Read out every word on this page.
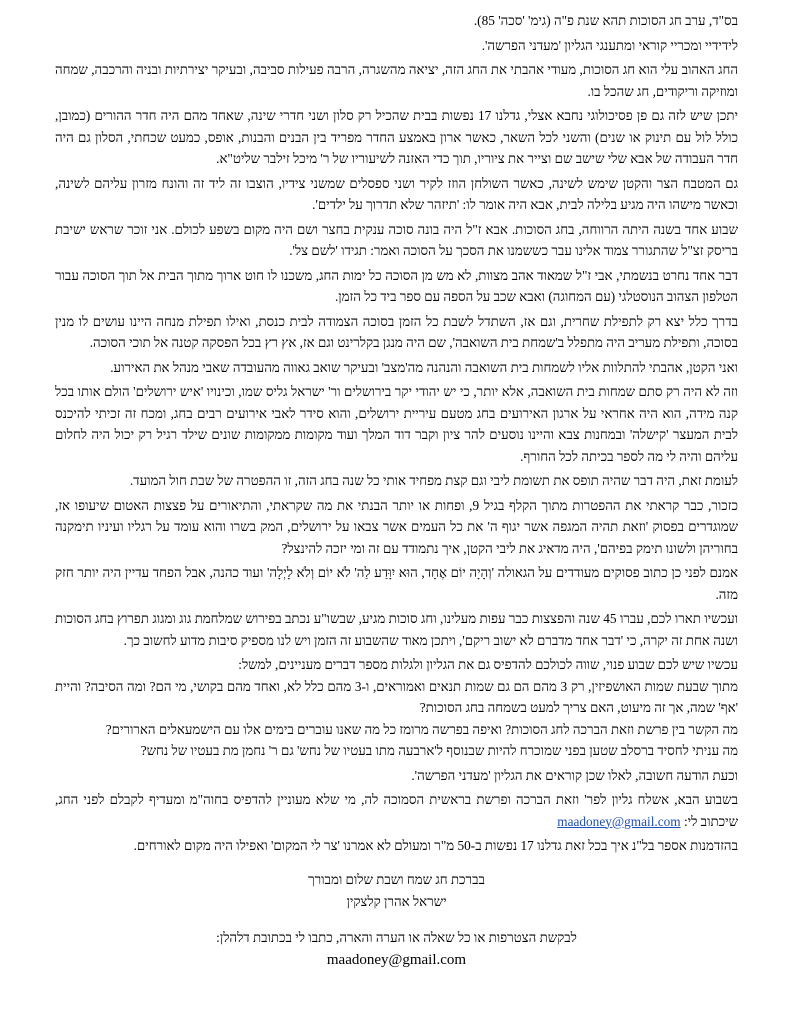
בס"ד, ערב חג הסוכות תהא שנת פ"ה (גימ' 'סכה' 85).

לידידיי ומכריי קוראי ומתענגי הגליון 'מעדני הפרשה'.

החג האהוב עלי הוא חג הסוכות, מעודי אהבתי את החג הזה, יציאה מהשגרה, הרבה פעילות סביבה, ובעיקר יצירתיות ובניה והרכבה, שמחה ומוזיקה וריקודים, חג שהכל בו.

יתכן שיש לזה גם פן פסיכולוגי נחבא אצלי, גדלנו 17 נפשות בבית שהכיל רק סלון ושני חדרי שינה, שאחד מהם היה חדר ההורים (כמובן, כולל לול עם תינוק או שנים) והשני לכל השאר, כאשר ארון באמצע החדר מפריד בין הבנים והבנות, אופס, כמעט שכחתי, הסלון גם היה חדר העבודה של אבא שלי שישב שם וצייר את ציוריו, תוך כדי האזנה לשיעוריו של ר' מיכל זילבר שליט"א.

גם המטבח הצר והקטן שימש לשינה, כאשר השולחן הוזז לקיר ושני ספסלים שמשני צידיו, הוצבו זה ליד זה והונח מזרון עליהם לשינה, וכאשר מישהו היה מגיע בלילה לבית, אבא היה אומר לו: 'תיזהר שלא תדרוך על ילדים'.

שבוע אחד בשנה היתה הרווחה, בחג הסוכות. אבא ז"ל היה בונה סוכה ענקית בחצר ושם היה מקום בשפע לכולם. אני זוכר שראש ישיבת בריסק זצ"ל שהתגורר צמוד אלינו עבר כששמנו את הסכך על הסוכה ואמר: תגידו 'לשם צל'.

דבר אחד נחרט בנשמתי, אבי ז"ל שמאוד אהב מצוות, לא מש מן הסוכה כל ימות החג, משכנו לו חוט ארוך מתוך הבית אל תוך הסוכה עבור הטלפון הצהוב הנוסטלגי (עם המחוגה) ואבא שכב על הספה עם ספר ביד כל הזמן.

בדרך כלל יצא רק לתפילת שחרית, וגם אז, השתדל לשבת כל הזמן בסוכה הצמודה לבית כנסת, ואילו תפילת מנחה היינו עושים לו מנין בסוכה, ותפילת מעריב היה מתפלל ב'שמחת בית השואבה', שם היה מנגן בקלרינט וגם אז, אץ רץ בכל הפסקה קטנה אל תוכי הסוכה.

ואני הקטן, אהבתי להתלוות אליו לשמחות בית השואבה והנהנה מה'מצב' ובעיקר שואב גאווה מהעובדה שאבי מנהל את האירוע.

וזה לא היה רק סתם שמחות בית השואבה, אלא יותר, כי יש יהודי יקר בירושלים ור' ישראל גליס שמו, וכינויו 'איש ירושלים' הולם אותו בכל קנה מידה, הוא היה אחראי על ארגון האירועים בחג מטעם עיריית ירושלים, והוא סידר לאבי אירועים רבים בחג, ומכח זה זכיתי להיכנס לבית המעצר 'קישלה' ובמחנות צבא והיינו נוסעים להר ציון וקבר דוד המלך ועוד מקומות ממקומות שונים שילד רגיל רק יכול היה לחלום עליהם והיה לי מה לספר בכיתה לכל החורף.

לעומת זאת, היה דבר שהיה תופס את תשומת ליבי וגם קצת מפחיד אותי כל שנה בחג הזה, זו ההפטרה של שבת חול המועד.

כזכור, כבר קראתי את ההפטרות מתוך הקלף בגיל 9, ופחות או יותר הבנתי את מה שקראתי, והתיאורים על פצצות האטום שיעופו אז, שמוגדרים בפסוק 'וזאת תהיה המגפה אשר יגוף ה' את כל העמים אשר צבאו על ירושלים, המק בשרו והוא עומד על רגליו ועיניו תימקנה בחוריהן ולשונו תימק בפיהם', היה מדאיג את ליבי הקטן, איך נתמודד עם זה ומי יזכה להינצל?

אמנם לפני כן כתוב פסוקים מעודדים על הגאולה 'וְהָיָה יוֹם אֶחָד, הוּא יִוָּדַע לַה' לֹא יוֹם וְלֹא לָיְלָה' ועוד כהנה, אבל הפחד עדיין היה יותר חזק מזה.

ועכשיו תארו לכם, עברו 45 שנה והפצצות כבר עפות מעלינו, וחג סוכות מגיע, שבשו"ע נכתב בפירוש שמלחמת גוג ומגוג תפרוץ בחג הסוכות ושנה אחת זה יקרה, כי 'דבר אחד מדברם לא ישוב ריקם', ויתכן מאוד שהשבוע זה הזמן ויש לנו מספיק סיבות מדוע לחשוב כך.

עכשיו שיש לכם שבוע פנוי, שווה לכולכם להדפיס גם את הגליון ולגלות מספר דברים מעניינים, למשל:
מתוך שבעת שמות האושפיזין, רק 3 מהם הם גם שמות תנאים ואמוראים, ו-3 מהם כלל לא, ואחד מהם בקושי, מי הם? ומה הסיבה? והיית 'אף' שמה, אך זה מיעוט, האם צריך למעט בשמחה בחג הסוכות?
מה הקשר בין פרשת וזאת הברכה לחג הסוכות? ואיפה בפרשה מרומז כל מה שאנו עוברים בימים אלו עם הישמעאלים הארורים?
מה עניתי לחסיד ברסלב שטען בפני שמוכרח להיות שבנוסף ל'ארבעה מתו בעטיו של נחש' גם ר' נחמן מת בעטיו של נחש?

וכעת הודעה חשובה, לאלו שכן קוראים את הגליון 'מעדני הפרשה'.

בשבוע הבא, אשלח גליון לפר' וזאת הברכה ופרשת בראשית הסמוכה לה, מי שלא מעוניין להדפיס בחוה"מ ומעדיף לקבלם לפני החג, שיכתוב לי: maadoney@gmail.com

בהזדמנות אספר בל"נ איך בכל זאת גדלנו 17 נפשות ב-50 מ"ר ומעולם לא אמרנו 'צר לי המקום' ואפילו היה מקום לאורחים.

בברכת חג שמח ושבת שלום ומבורך
ישראל אהרן קלצקין
לבקשת הצטרפות או כל שאלה או הערה והארה, כתבו לי בכתובת דלהלן:
maadoney@gmail.com
